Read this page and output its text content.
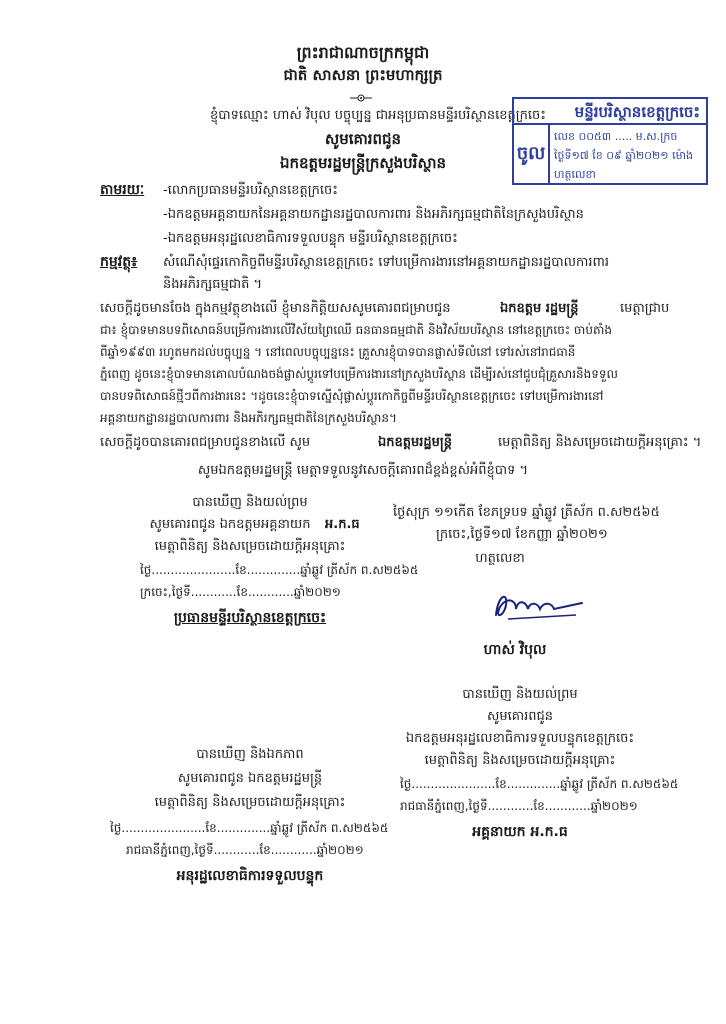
ព្រះរាជាណាចក្រកម្ពុជា
ជាតិ សាសនា ព្រះមហាក្សត្រ
ខ្ញុំបាទឈ្មោះ ហាស់ វិបុល បច្ចុប្បន្ន ជាអនុប្រធានមន្ទីរបរិស្ថានខេត្តក្រចេះ
សូមគោរពជូន
ឯកឧត្តមរដ្ឋមន្ត្រីក្រសួងបរិស្ថាន
មន្ទីរបរិស្ថានខេត្តក្រចេះ
ចូល
លេខ ០០៥៣ ..... ម.ស.ក្រច
ថ្ងៃទី១៧ ខែ ០៩ ឆ្នាំ២០២១ ម៉ោង
ហត្ថលេខា
តាមរយៈ -លោកប្រធានមន្ទីរបរិស្ថានខេត្តក្រចេះ
-ឯកឧត្តមអគ្គនាយកនៃអគ្គនាយកដ្ឋានរដ្ឋបាលការពារ និងអភិរក្សធម្មជាតិនៃក្រសួងបរិស្ថាន
-ឯកឧត្តមអនុរដ្ឋលេខាធិការទទួលបន្ទុក មន្ទីរបរិស្ថានខេត្តក្រចេះ
កម្មវត្ថុ៖ សំណើសុំផ្ទេរកោកិច្ចពីមន្ទីរបរិស្ថានខេត្តក្រចេះ ទៅបម្រើការងារនៅអគ្គនាយកដ្ឋានរដ្ឋបាលការពារ
និងអភិរក្សធម្មជាតិ ។
សេចក្តីដូចមានចែង ក្នុងកម្មវត្ថុខាងលើ ខ្ញុំមានកិត្តិយសសូមគោរពជម្រាបជូន	ឯកឧត្តម រដ្ឋមន្ត្រី	មេត្តាជ្រាប
ជា៖ ខ្ញុំបាទមានបទពិសោធន៍បម្រើការងារលើវិស័យព្រៃឈើ ធនធានធម្មជាតិ និងវិស័យបរិស្ថាន នៅខេត្តក្រចេះ ចាប់តាំង
ពីឆ្នាំ១៩៩៣ រហូតមកដល់បច្ចុប្បន្ន ។ នៅពេលបច្ចុប្បន្ននេះ គ្រួសារខ្ញុំបាទបានផ្លាស់ទីលំនៅ ទៅរស់នៅរាជធានី
ភ្នំពេញ ដូចនេះខ្ញុំបាទមានគោលបំណងចង់ផ្លាស់ប្តូរទៅបម្រើការងារនៅក្រសួងបរិស្ថាន ដើម្បីរស់នៅជួបជុំគ្រួសារនិងទទួល
បានបទពិសោធន៍ថ្មីៗពីការងារនេះ ។ដូចនេះខ្ញុំបាទស្នើសុំផ្លាស់ប្តូរកោកិច្ចពីមន្ទីរបរិស្ថានខេត្តក្រចេះ ទៅបម្រើការងារនៅ
អគ្គនាយកដ្ឋានរដ្ឋបាលការពារ និងអភិរក្សធម្មជាតិនៃក្រសួងបរិស្ថាន។
សេចក្តីដូចបានគោរពជម្រាបជូនខាងលើ សូម	ឯកឧត្តមរដ្ឋមន្ត្រី	មេត្តាពិនិត្យ និងសម្រេចដោយក្តីអនុគ្រោះ ។
សូមឯកឧត្តមរដ្ឋមន្ត្រី មេត្តាទទួលនូវសេចក្តីគោរពដ៏ខ្ពង់ខ្ពស់អំពីខ្ញុំបាទ ។
បានឃើញ និងយល់ព្រម
សូមគោរពជូន ឯកឧត្តមអគ្គនាយក	អ.ក.ធ
មេត្តាពិនិត្យ និងសម្រេចដោយក្តីអនុគ្រោះ
ថ្ងៃ......................ខែ..............ឆ្នាំឆ្លូវ ត្រីស័ក ព.ស២៥៦៥
ក្រចេះ,ថ្ងៃទី............ខែ............ឆ្នាំ២០២១
ប្រធានមន្ទីរបរិស្ថានខេត្តក្រចេះ
ថ្ងៃសុក្រ ១១កើត ខែភទ្របទ ឆ្នាំឆ្លូវ ត្រីស័ក ព.ស២៥៦៥
ក្រចេះ,ថ្ងៃទី១៧ ខែកញ្ញា ឆ្នាំ២០២១
ហត្ថលេខា
ហាស់ វិបុល
បានឃើញ និងយល់ព្រម
សូមគោរពជូន
ឯកឧត្តមអនុរដ្ឋលេខាធិការទទួលបន្ទុកខេត្តក្រចេះ
មេត្តាពិនិត្យ និងសម្រេចដោយក្តីអនុគ្រោះ
ថ្ងៃ......................ខែ..............ឆ្នាំឆ្លូវ ត្រីស័ក ព.ស២៥៦៥
រាជធានីភ្នំពេញ,ថ្ងៃទី............ខែ............ឆ្នាំ២០២១
អគ្គនាយក អ.ក.ធ
បានឃើញ និងឯកភាព
សូមគោរពជូន ឯកឧត្តមរដ្ឋមន្ត្រី
មេត្តាពិនិត្យ និងសម្រេចដោយក្តីអនុគ្រោះ
ថ្ងៃ......................ខែ..............ឆ្នាំឆ្លូវ ត្រីស័ក ព.ស២៥៦៥
រាជធានីភ្នំពេញ,ថ្ងៃទី............ខែ............ឆ្នាំ២០២១
អនុរដ្ឋលេខាធិការទទួលបន្ទុក
